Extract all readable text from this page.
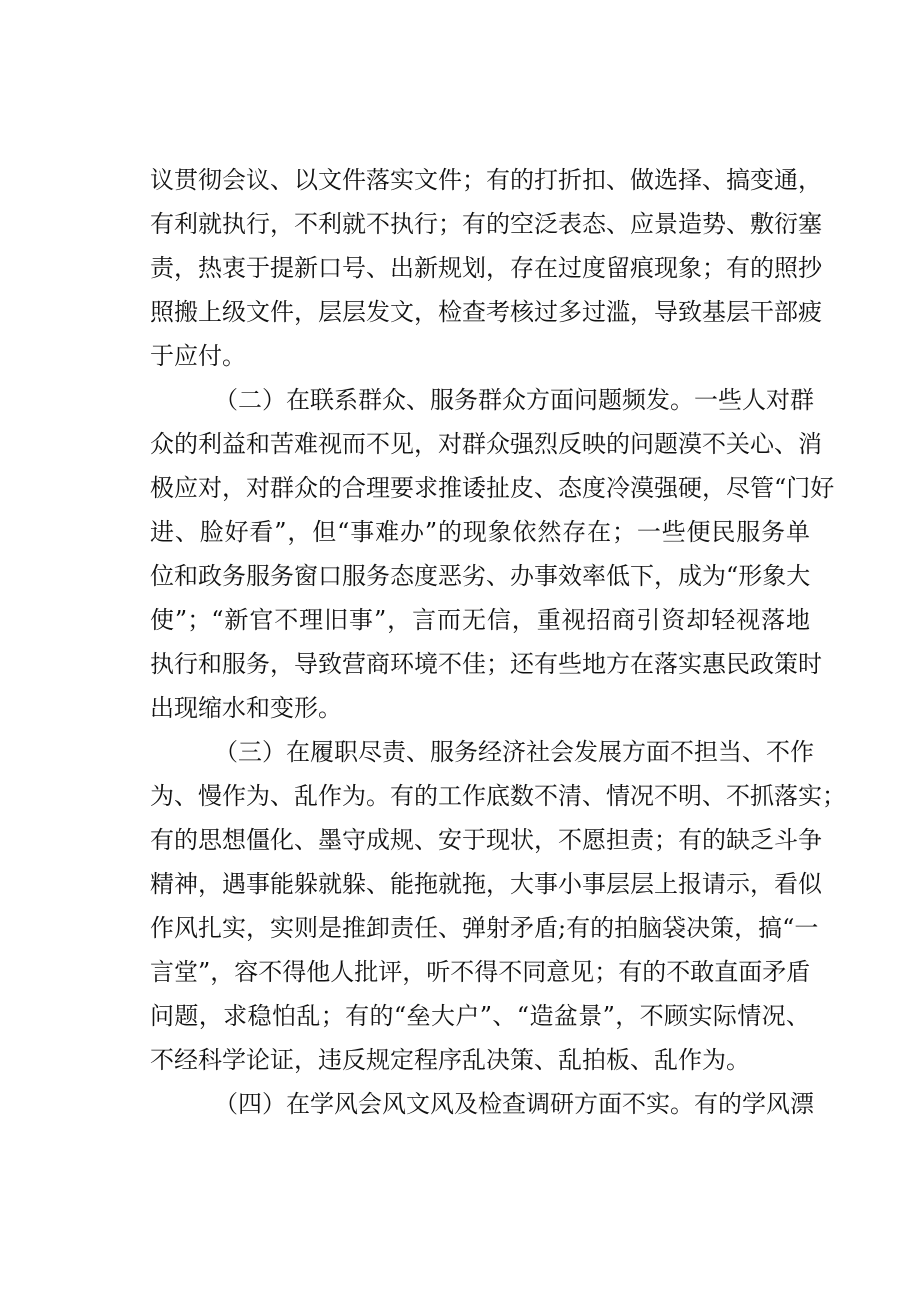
议贯彻会议、以文件落实文件；有的打折扣、做选择、搞变通，
有利就执行，不利就不执行；有的空泛表态、应景造势、敷衍塞
责，热衷于提新口号、出新规划，存在过度留痕现象；有的照抄
照搬上级文件，层层发文，检查考核过多过滥，导致基层干部疲
于应付。
（二）在联系群众、服务群众方面问题频发。一些人对群
众的利益和苦难视而不见，对群众强烈反映的问题漠不关心、消
极应对，对群众的合理要求推诿扯皮、态度冷漠强硬，尽管“门好
进、脸好看”，但“事难办”的现象依然存在；一些便民服务单
位和政务服务窗口服务态度恶劣、办事效率低下，成为“形象大
使”；“新官不理旧事”，言而无信，重视招商引资却轻视落地
执行和服务，导致营商环境不佳；还有些地方在落实惠民政策时
出现缩水和变形。
（三）在履职尽责、服务经济社会发展方面不担当、不作
为、慢作为、乱作为。有的工作底数不清、情况不明、不抓落实；
有的思想僵化、墨守成规、安于现状，不愿担责；有的缺乏斗争
精神，遇事能躲就躲、能拖就拖，大事小事层层上报请示，看似
作风扎实，实则是推卸责任、弹射矛盾;有的拍脑袋决策，搞“一
言堂”，容不得他人批评，听不得不同意见；有的不敢直面矛盾
问题，求稳怕乱；有的“垒大户”、“造盆景”，不顾实际情况、
不经科学论证，违反规定程序乱决策、乱拍板、乱作为。
（四）在学风会风文风及检查调研方面不实。有的学风漂
